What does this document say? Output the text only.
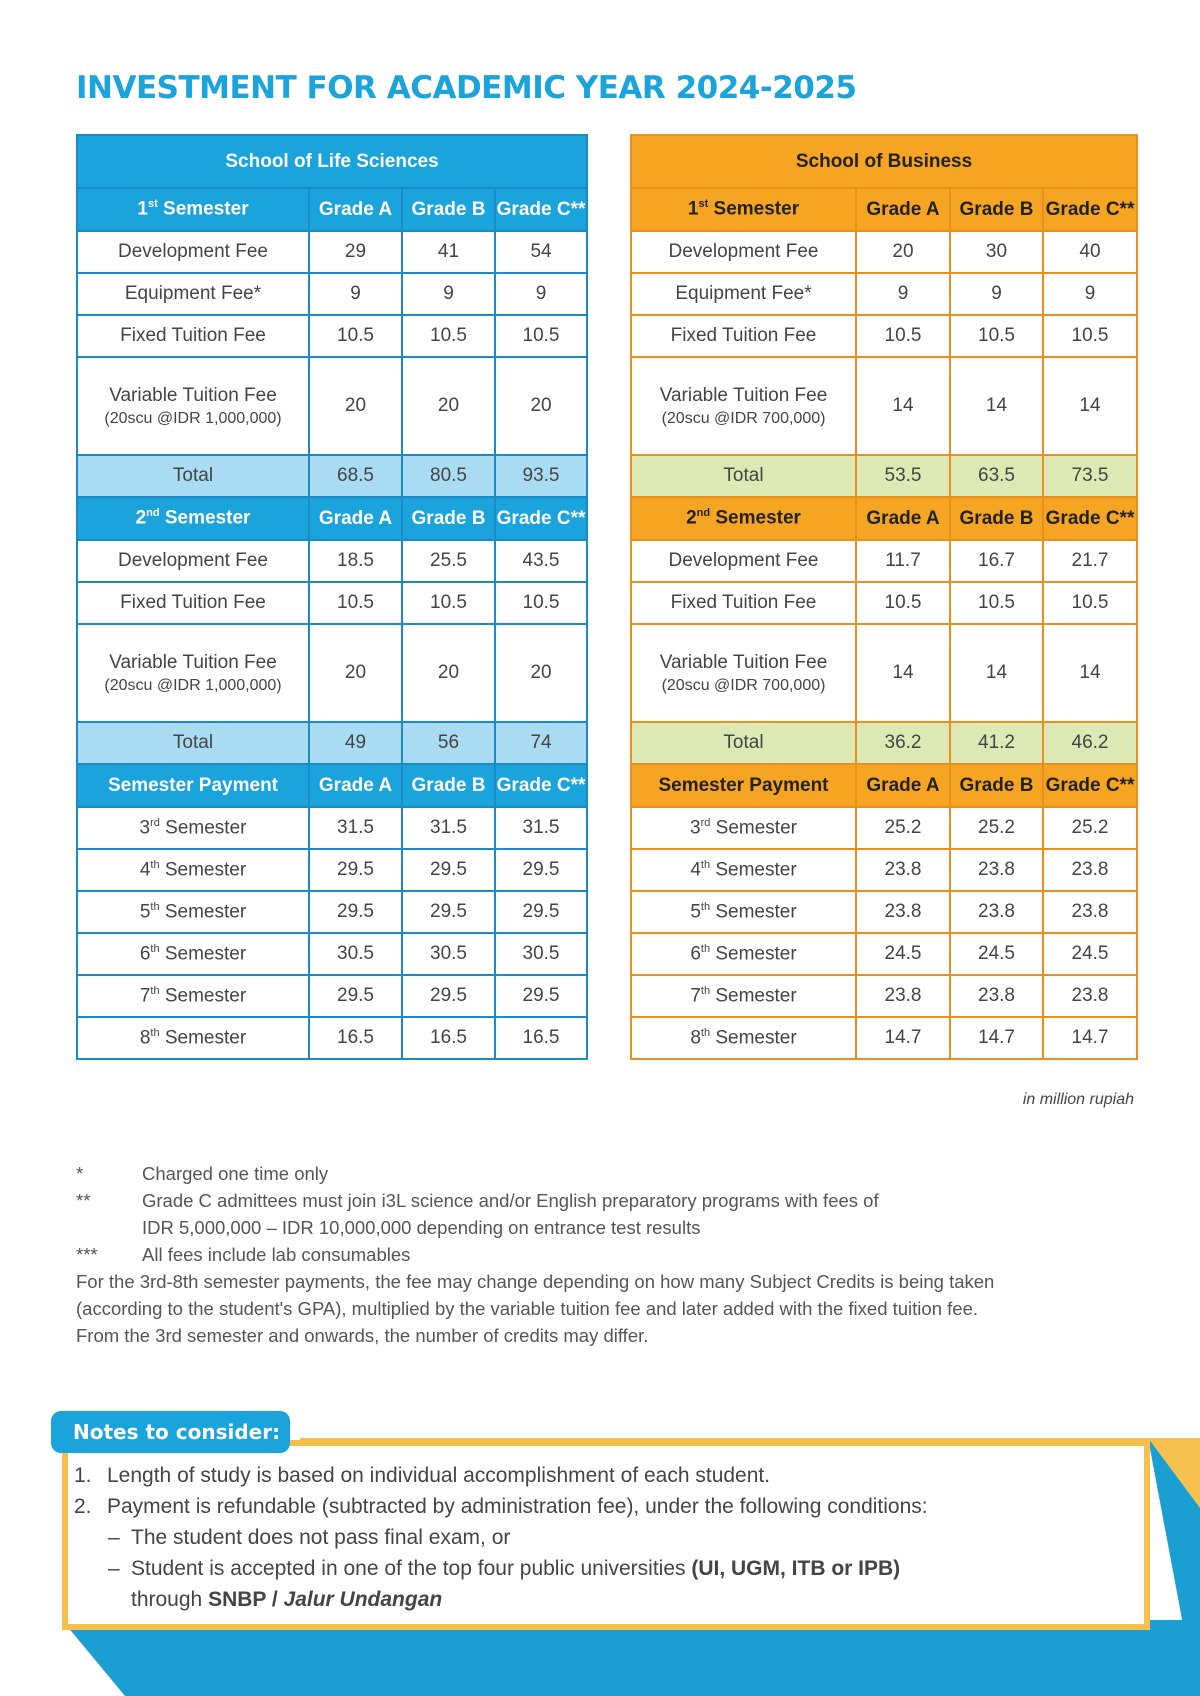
INVESTMENT FOR ACADEMIC YEAR 2024-2025
School of Life Sciences			
1st Semester	Grade A	Grade B	Grade C**
Development Fee	29	41	54
Equipment Fee*	9	9	9
Fixed Tuition Fee	10.5	10.5	10.5
Variable Tuition Fee
(20scu @IDR 1,000,000)	20	20	20
Total	68.5	80.5	93.5
2nd Semester	Grade A	Grade B	Grade C**
Development Fee	18.5	25.5	43.5
Fixed Tuition Fee	10.5	10.5	10.5
Variable Tuition Fee
(20scu @IDR 1,000,000)	20	20	20
Total	49	56	74
Semester Payment	Grade A	Grade B	Grade C**
3rd Semester	31.5	31.5	31.5
4th Semester	29.5	29.5	29.5
5th Semester	29.5	29.5	29.5
6th Semester	30.5	30.5	30.5
7th Semester	29.5	29.5	29.5
8th Semester	16.5	16.5	16.5
School of Business			
1st Semester	Grade A	Grade B	Grade C**
Development Fee	20	30	40
Equipment Fee*	9	9	9
Fixed Tuition Fee	10.5	10.5	10.5
Variable Tuition Fee
(20scu @IDR 700,000)	14	14	14
Total	53.5	63.5	73.5
2nd Semester	Grade A	Grade B	Grade C**
Development Fee	11.7	16.7	21.7
Fixed Tuition Fee	10.5	10.5	10.5
Variable Tuition Fee
(20scu @IDR 700,000)	14	14	14
Total	36.2	41.2	46.2
Semester Payment	Grade A	Grade B	Grade C**
3rd Semester	25.2	25.2	25.2
4th Semester	23.8	23.8	23.8
5th Semester	23.8	23.8	23.8
6th Semester	24.5	24.5	24.5
7th Semester	23.8	23.8	23.8
8th Semester	14.7	14.7	14.7
in million rupiah
*	Charged one time only
**	Grade C admittees must join i3L science and/or English preparatory programs with fees of
IDR 5,000,000 – IDR 10,000,000 depending on entrance test results
*** All fees include lab consumables
For the 3rd-8th semester payments, the fee may change depending on how many Subject Credits is being taken
(according to the student's GPA), multiplied by the variable tuition fee and later added with the fixed tuition fee.
From the 3rd semester and onwards, the number of credits may differ.
Notes to consider:
1. Length of study is based on individual accomplishment of each student.
2. Payment is refundable (subtracted by administration fee), under the following conditions:
– The student does not pass final exam, or
– Student is accepted in one of the top four public universities (UI, UGM, ITB or IPB)
through SNBP / Jalur Undangan
